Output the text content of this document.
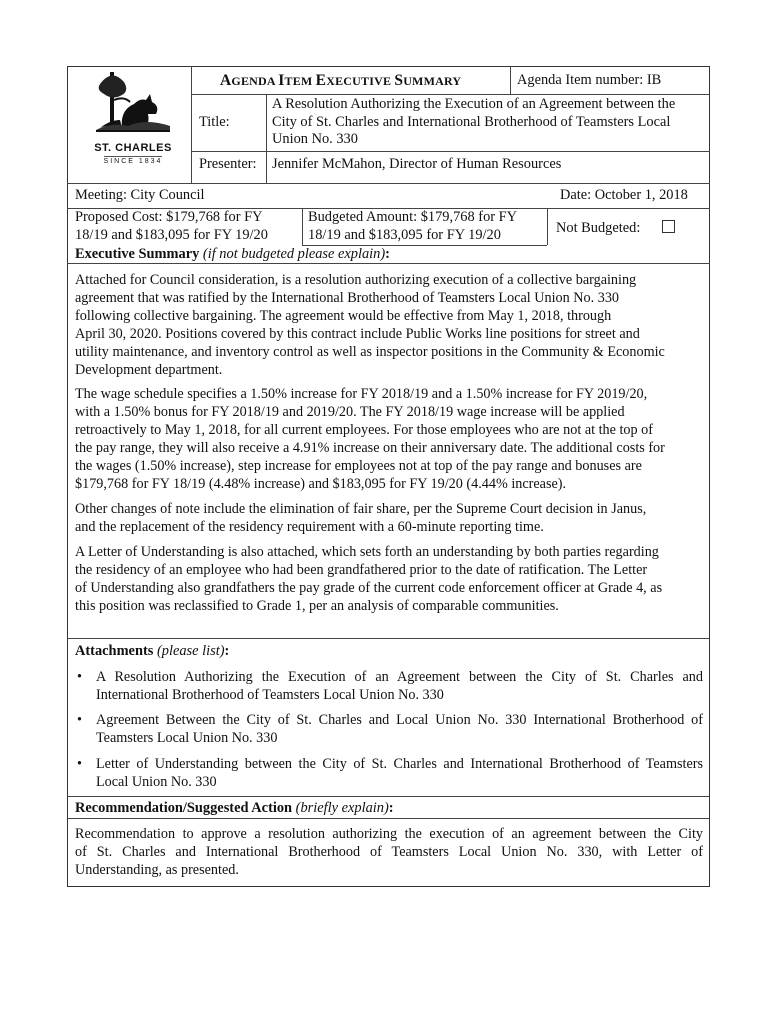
ST. CHARLES
SINCE 1834
AGENDA ITEM EXECUTIVE SUMMARY	Agenda Item number: IB
Title:
A Resolution Authorizing the Execution of an Agreement between the
City of St. Charles and International Brotherhood of Teamsters Local
Union No. 330
Presenter: Jennifer McMahon, Director of Human Resources
Meeting: City Council	Date: October 1, 2018
Proposed Cost: $179,768 for FY
18/19 and $183,095 for FY 19/20
Budgeted Amount: $179,768 for FY
18/19 and $183,095 for FY 19/20	Not Budgeted:
Executive Summary (if not budgeted please explain):
Attached for Council consideration, is a resolution authorizing execution of a collective bargaining
agreement that was ratified by the International Brotherhood of Teamsters Local Union No. 330
following collective bargaining. The agreement would be effective from May 1, 2018, through
April 30, 2020. Positions covered by this contract include Public Works line positions for street and
utility maintenance, and inventory control as well as inspector positions in the Community & Economic
Development department.
The wage schedule specifies a 1.50% increase for FY 2018/19 and a 1.50% increase for FY 2019/20,
with a 1.50% bonus for FY 2018/19 and 2019/20. The FY 2018/19 wage increase will be applied
retroactively to May 1, 2018, for all current employees. For those employees who are not at the top of
the pay range, they will also receive a 4.91% increase on their anniversary date. The additional costs for
the wages (1.50% increase), step increase for employees not at top of the pay range and bonuses are
$179,768 for FY 18/19 (4.48% increase) and $183,095 for FY 19/20 (4.44% increase).
Other changes of note include the elimination of fair share, per the Supreme Court decision in Janus,
and the replacement of the residency requirement with a 60-minute reporting time.
A Letter of Understanding is also attached, which sets forth an understanding by both parties regarding
the residency of an employee who had been grandfathered prior to the date of ratification. The Letter
of Understanding also grandfathers the pay grade of the current code enforcement officer at Grade 4, as
this position was reclassified to Grade 1, per an analysis of comparable communities.
Attachments (please list):
• A Resolution Authorizing the Execution of an Agreement between the City of St. Charles and
International Brotherhood of Teamsters Local Union No. 330
• Agreement Between the City of St. Charles and Local Union No. 330 International Brotherhood of
Teamsters Local Union No. 330
• Letter of Understanding between the City of St. Charles and International Brotherhood of Teamsters
Local Union No. 330
Recommendation/Suggested Action (briefly explain):
Recommendation to approve a resolution authorizing the execution of an agreement between the City
of St. Charles and International Brotherhood of Teamsters Local Union No. 330, with Letter of
Understanding, as presented.
